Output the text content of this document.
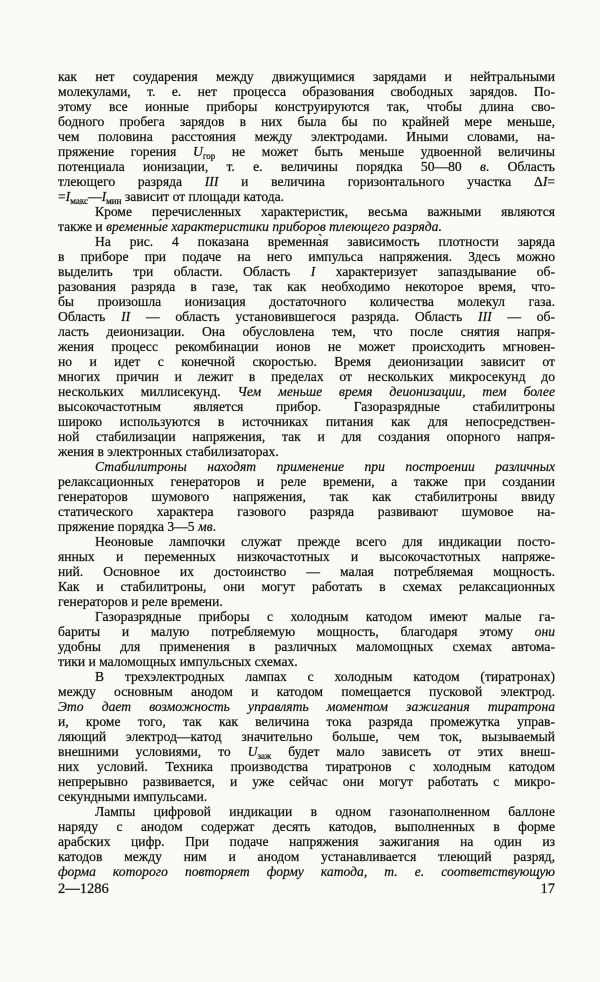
как нет соударения между движущимися зарядами и нейтральными
молекулами, т. е. нет процесса образования свободных зарядов. По-
этому все ионные приборы конструируются так, чтобы длина сво-
бодного пробега зарядов в них была бы по крайней мере меньше,
чем половина расстояния между электродами. Иными словами, на-
пряжение горения $U_{гор}$ не может быть меньше удвоенной величины
потенциала ионизации, т. е. величины порядка 50—80 в. Область
тлеющего разряда III и величина горизонтального участка ΔI=
$=I_{макс}—I_{мин}$ зависит от площади катода.
Кроме перечисленных характеристик, весьма важными являются
также и временны́е характеристики приборов тлеющего разряда.
На рис. 4 показана временна̀я зависимость плотности заряда
в приборе при подаче на него импульса напряжения. Здесь можно
выделить три области. Область I характеризует запаздывание об-
разования разряда в газе, так как необходимо некоторое время, что-
бы произошла ионизация достаточного количества молекул газа.
Область II — область установившегося разряда. Область III — об-
ласть деионизации. Она обусловлена тем, что после снятия напря-
жения процесс рекомбинации ионов не может происходить мгновен-
но и идет с конечной скоростью. Время деионизации зависит от
многих причин и лежит в пределах от нескольких микросекунд до
нескольких миллисекунд. Чем меньше время деионизации, тем более
высокочастотным является прибор. Газоразрядные стабилитроны
широко используются в источниках питания как для непосредствен-
ной стабилизации напряжения, так и для создания опорного напря-
жения в электронных стабилизаторах.
Стабилитроны находят применение при построении различных
релаксационных генераторов и реле времени, а также при создании
генераторов шумового напряжения, так как стабилитроны ввиду
статического характера газового разряда развивают шумовое на-
пряжение порядка 3—5 мв.
Неоновые лампочки служат прежде всего для индикации посто-
янных и переменных низкочастотных и высокочастотных напряже-
ний. Основное их достоинство — малая потребляемая мощность.
Как и стабилитроны, они могут работать в схемах релаксационных
генераторов и реле времени.
Газоразрядные приборы с холодным катодом имеют малые га-
бариты и малую потребляемую мощность, благодаря этому они
удобны для применения в различных маломощных схемах автома-
тики и маломощных импульсных схемах.
В трехэлектродных лампах с холодным катодом (тиратронах)
между основным анодом и катодом помещается пусковой электрод.
Это дает возможность управлять моментом зажигания тиратрона
и, кроме того, так как величина тока разряда промежутка управ-
ляющий электрод—катод значительно больше, чем ток, вызываемый
внешними условиями, то $U_{заж}$ будет мало зависеть от этих внеш-
них условий. Техника производства тиратронов с холодным катодом
непрерывно развивается, и уже сейчас они могут работать с микро-
секундными импульсами.
Лампы цифровой индикации в одном газонаполненном баллоне
наряду с анодом содержат десять катодов, выполненных в форме
арабских цифр. При подаче напряжения зажигания на один из
катодов между ним и анодом устанавливается тлеющий разряд,
форма которого повторяет форму катода, т. е. соответствующую
2—1286	17
